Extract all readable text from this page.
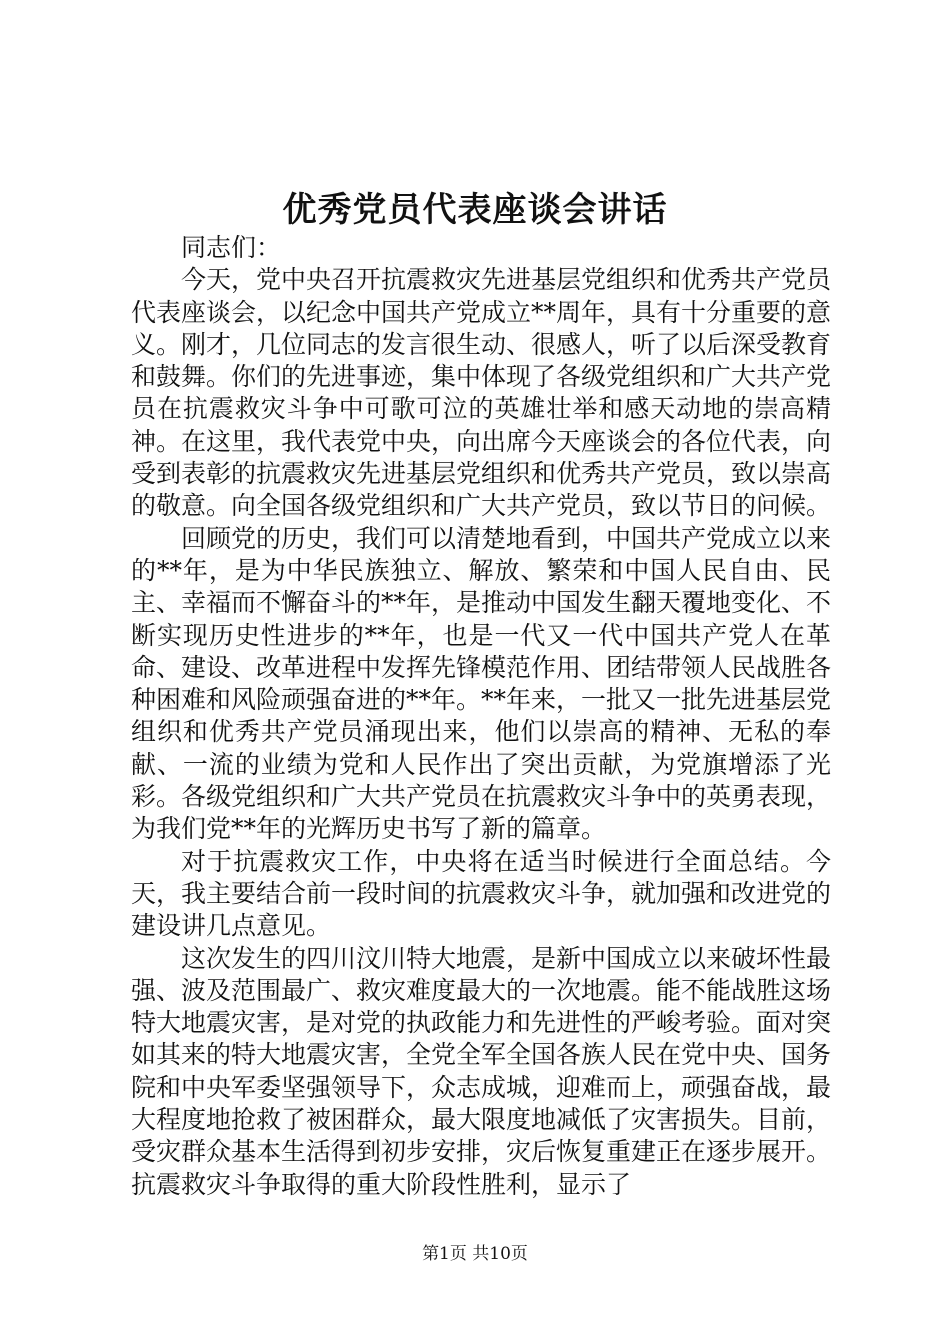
优秀党员代表座谈会讲话

同志们：

今天，党中央召开抗震救灾先进基层党组织和优秀共产党员代表座谈会，以纪念中国共产党成立**周年，具有十分重要的意义。刚才，几位同志的发言很生动、很感人，听了以后深受教育和鼓舞。你们的先进事迹，集中体现了各级党组织和广大共产党员在抗震救灾斗争中可歌可泣的英雄壮举和感天动地的崇高精神。在这里，我代表党中央，向出席今天座谈会的各位代表，向受到表彰的抗震救灾先进基层党组织和优秀共产党员，致以崇高的敬意。向全国各级党组织和广大共产党员，致以节日的问候。

回顾党的历史，我们可以清楚地看到，中国共产党成立以来的**年，是为中华民族独立、解放、繁荣和中国人民自由、民主、幸福而不懈奋斗的**年，是推动中国发生翻天覆地变化、不断实现历史性进步的**年，也是一代又一代中国共产党人在革命、建设、改革进程中发挥先锋模范作用、团结带领人民战胜各种困难和风险顽强奋进的**年。**年来，一批又一批先进基层党组织和优秀共产党员涌现出来，他们以崇高的精神、无私的奉献、一流的业绩为党和人民作出了突出贡献，为党旗增添了光彩。各级党组织和广大共产党员在抗震救灾斗争中的英勇表现，为我们党**年的光辉历史书写了新的篇章。

对于抗震救灾工作，中央将在适当时候进行全面总结。今天，我主要结合前一段时间的抗震救灾斗争，就加强和改进党的建设讲几点意见。

这次发生的四川汶川特大地震，是新中国成立以来破坏性最强、波及范围最广、救灾难度最大的一次地震。能不能战胜这场特大地震灾害，是对党的执政能力和先进性的严峻考验。面对突如其来的特大地震灾害，全党全军全国各族人民在党中央、国务院和中央军委坚强领导下，众志成城，迎难而上，顽强奋战，最大程度地抢救了被困群众，最大限度地减低了灾害损失。目前，受灾群众基本生活得到初步安排，灾后恢复重建正在逐步展开。抗震救灾斗争取得的重大阶段性胜利，显示了

第1页 共10页
